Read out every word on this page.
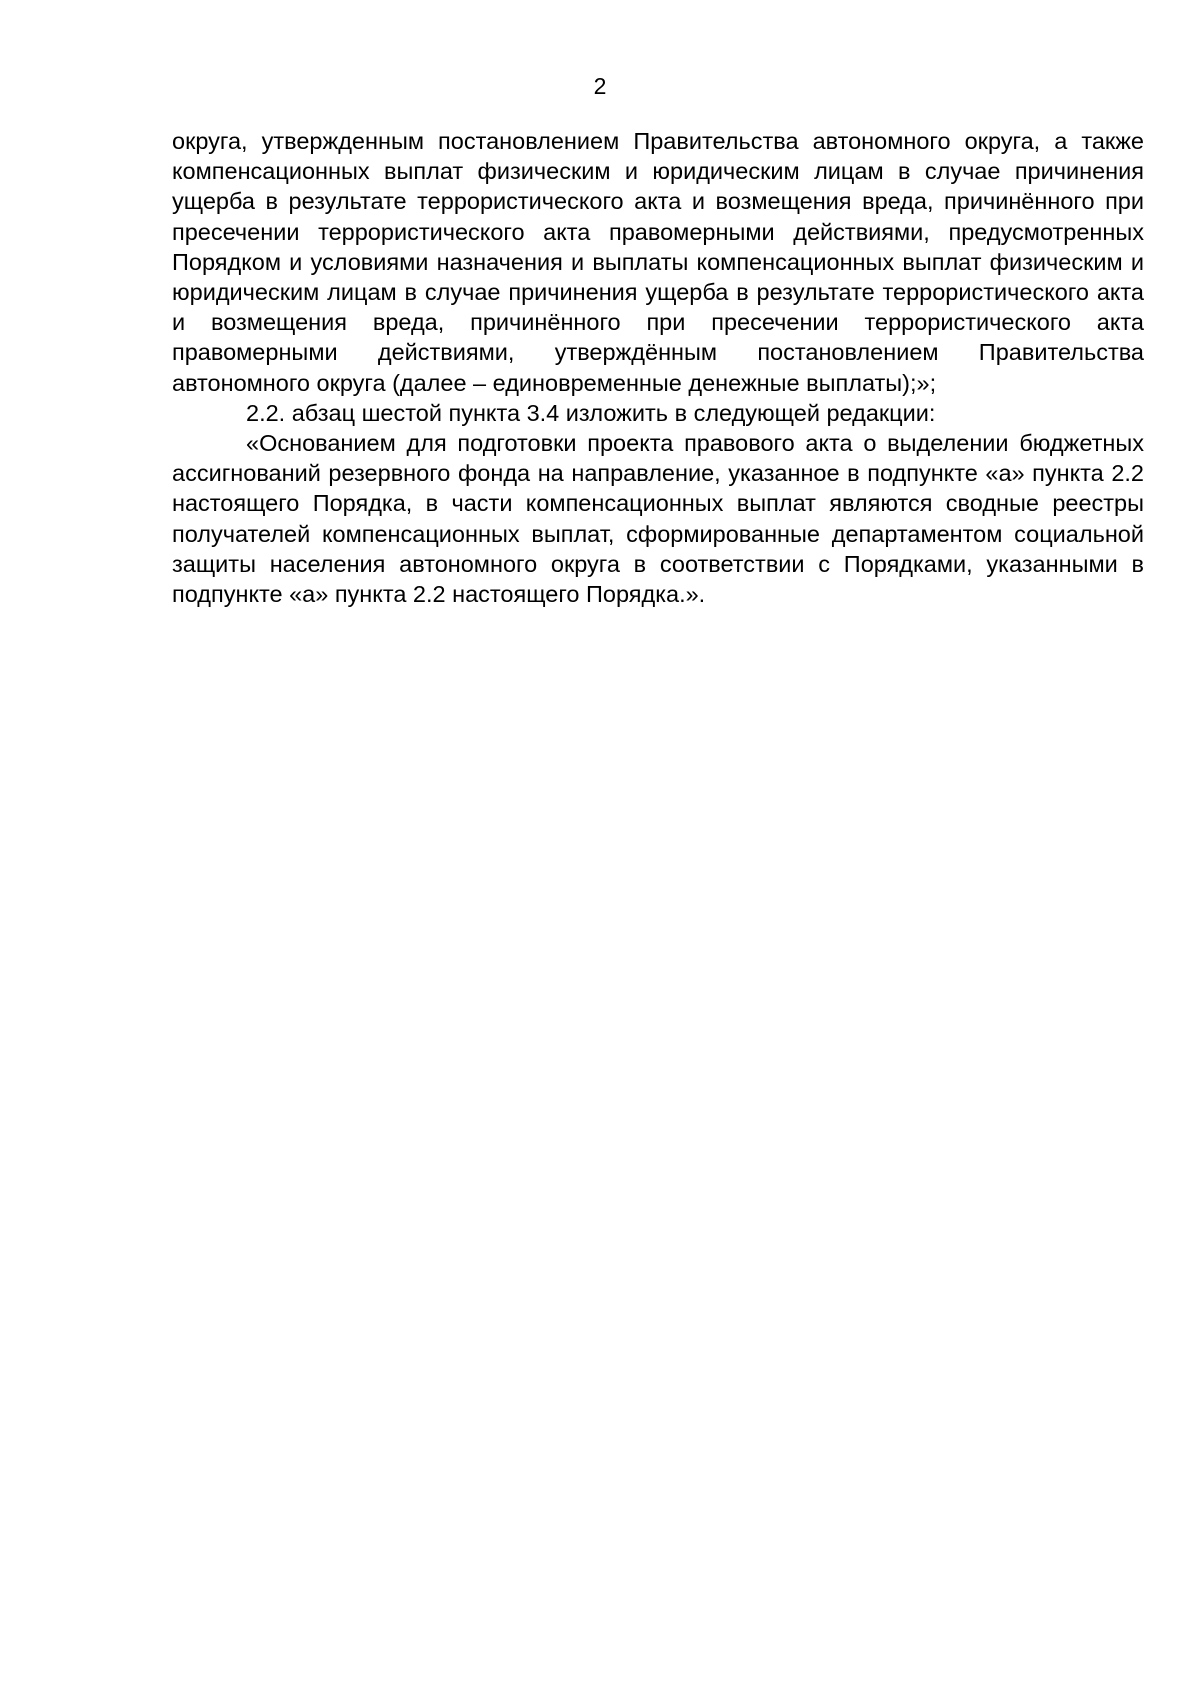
2

округа, утвержденным постановлением Правительства автономного округа, а также компенсационных выплат физическим и юридическим лицам в случае причинения ущерба в результате террористического акта и возмещения вреда, причинённого при пресечении террористического акта правомерными действиями, предусмотренных Порядком и условиями назначения и выплаты компенсационных выплат физическим и юридическим лицам в случае причинения ущерба в результате террористического акта и возмещения вреда, причинённого при пресечении террористического акта правомерными действиями, утверждённым постановлением Правительства автономного округа (далее – единовременные денежные выплаты);»;

2.2. абзац шестой пункта 3.4 изложить в следующей редакции:

«Основанием для подготовки проекта правового акта о выделении бюджетных ассигнований резервного фонда на направление, указанное в подпункте «а» пункта 2.2 настоящего Порядка, в части компенсационных выплат являются сводные реестры получателей компенсационных выплат, сформированные департаментом социальной защиты населения автономного округа в соответствии с Порядками, указанными в подпункте «а» пункта 2.2 настоящего Порядка.».
